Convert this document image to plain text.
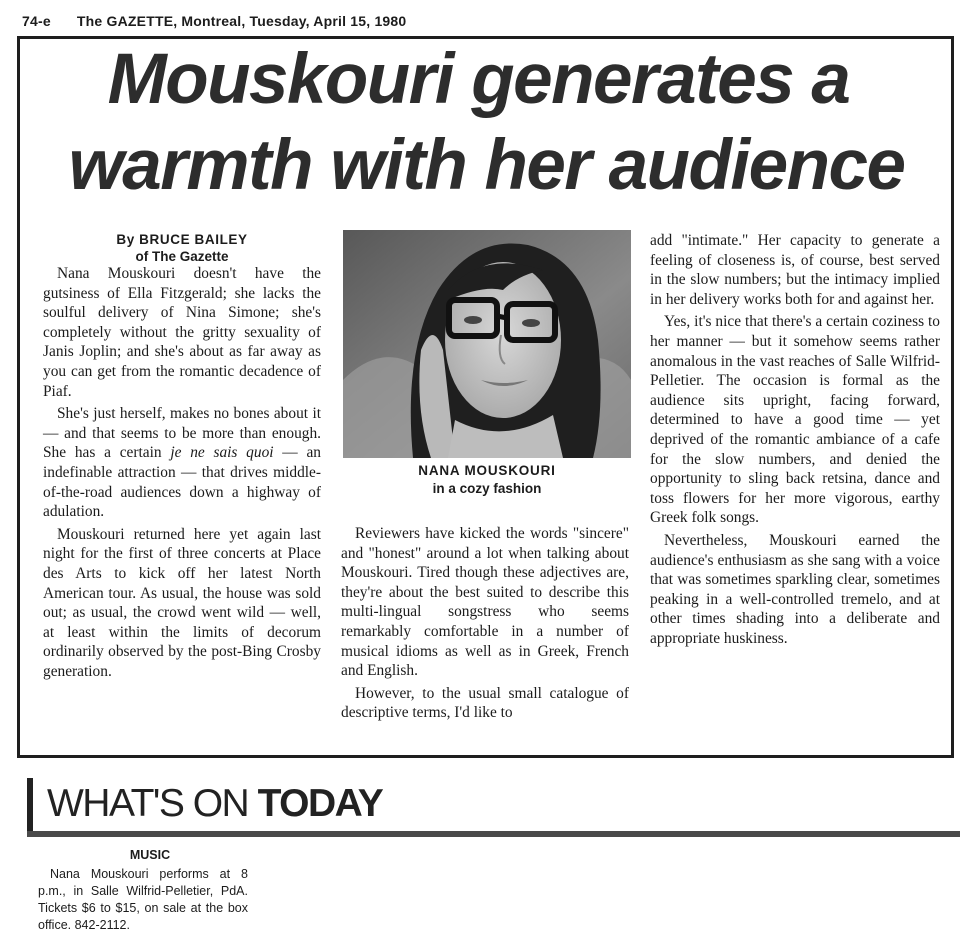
74-e The GAZETTE, Montreal, Tuesday, April 15, 1980
Mouskouri generates a
warmth with her audience
By BRUCE BAILEY
of The Gazette

Nana Mouskouri doesn't have the gutsiness of Ella Fitzgerald; she lacks the soulful delivery of Nina Simone; she's completely without the gritty sexuality of Janis Joplin; and she's about as far away as you can get from the romantic decadence of Piaf.

She's just herself, makes no bones about it — and that seems to be more than enough. She has a certain je ne sais quoi — an indefinable attraction — that drives middle-of-the-road audiences down a highway of adulation.

Mouskouri returned here yet again last night for the first of three concerts at Place des Arts to kick off her latest North American tour. As usual, the house was sold out; as usual, the crowd went wild — well, at least within the limits of decorum ordinarily observed by the post-Bing Crosby generation.

NANA MOUSKOURI
in a cozy fashion

Reviewers have kicked the words "sincere" and "honest" around a lot when talking about Mouskouri. Tired though these adjectives are, they're about the best suited to describe this multi-lingual songstress who seems remarkably comfortable in a number of musical idioms as well as in Greek, French and English.

However, to the usual small catalogue of descriptive terms, I'd like to

add "intimate." Her capacity to generate a feeling of closeness is, of course, best served in the slow numbers; but the intimacy implied in her delivery works both for and against her.

Yes, it's nice that there's a certain coziness to her manner — but it somehow seems rather anomalous in the vast reaches of Salle Wilfrid-Pelletier. The occasion is formal as the audience sits upright, facing forward, determined to have a good time — yet deprived of the romantic ambiance of a cafe for the slow numbers, and denied the opportunity to sling back retsina, dance and toss flowers for her more vigorous, earthy Greek folk songs.

Nevertheless, Mouskouri earned the audience's enthusiasm as she sang with a voice that was sometimes sparkling clear, sometimes peaking in a well-controlled tremelo, and at other times shading into a deliberate and appropriate huskiness.

WHAT'S ON TODAY
MUSIC

Nana Mouskouri performs at 8 p.m., in Salle Wilfrid-Pelletier, PdA. Tickets $6 to $15, on sale at the box office. 842-2112.
